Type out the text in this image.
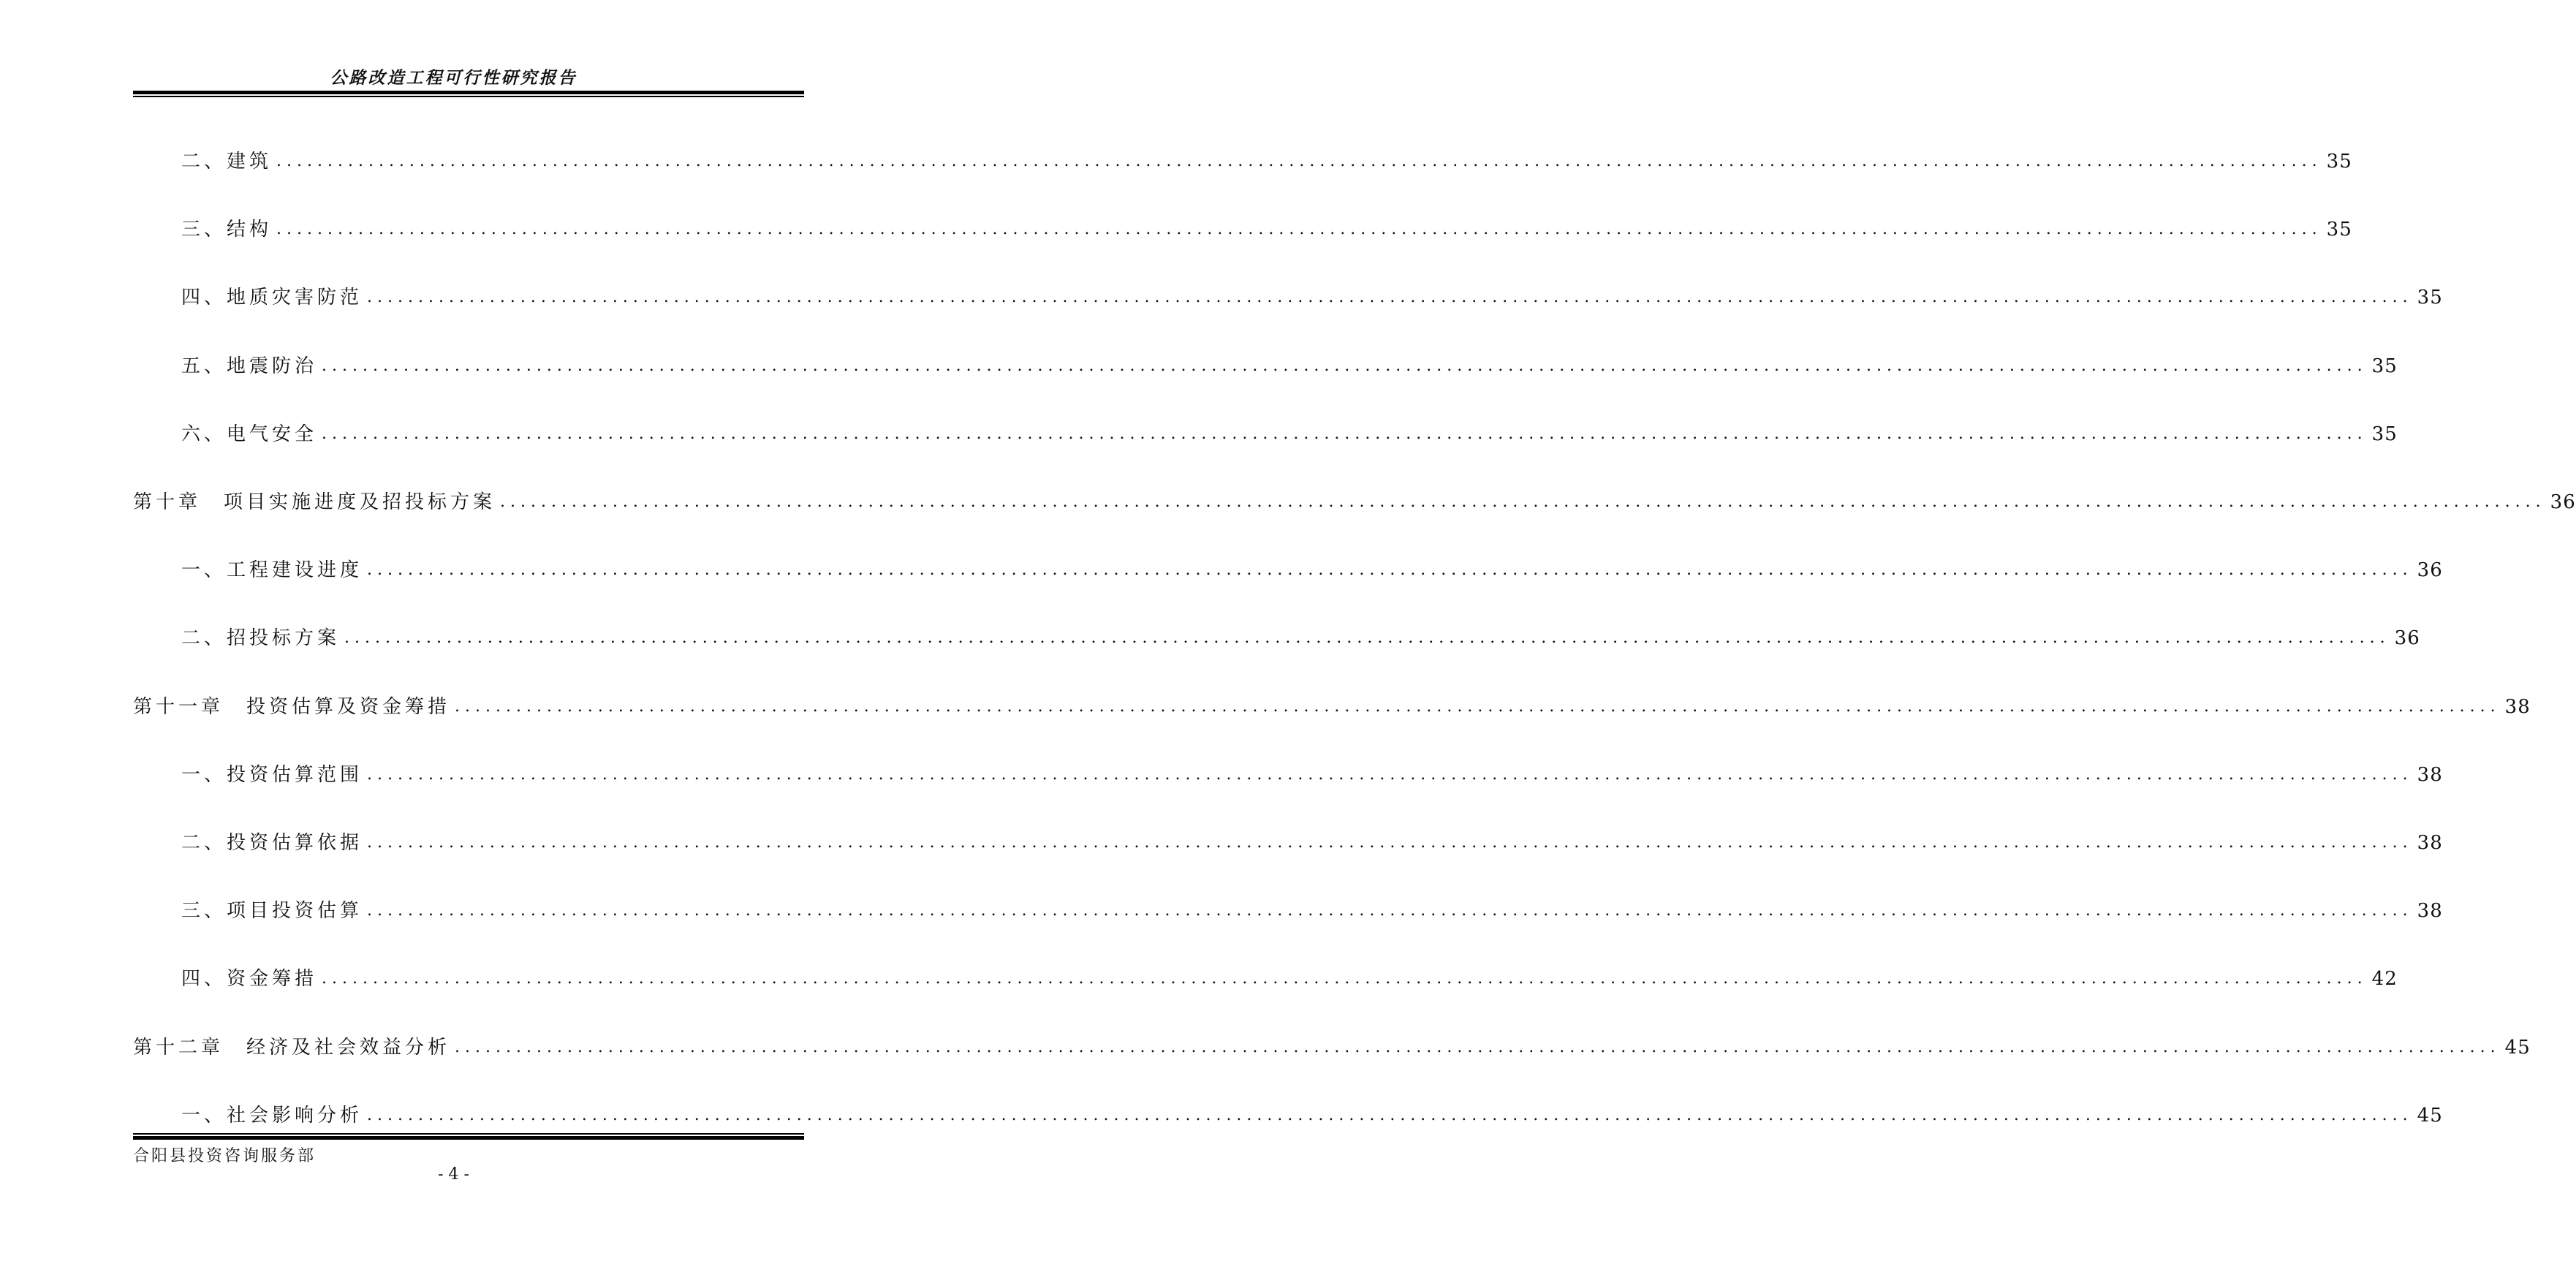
公路改造工程可行性研究报告
二、建筑 ........................................................................................................................................................................................................ 35
三、结构 ........................................................................................................................................................................................................ 35
四、地质灾害防范 ........................................................................................................................................................................................................ 35
五、地震防治 ........................................................................................................................................................................................................ 35
六、电气安全 ........................................................................................................................................................................................................ 35
第十章　项目实施进度及招投标方案 ........................................................................................................................................................................................................ 36
一、工程建设进度 ........................................................................................................................................................................................................ 36
二、招投标方案 ........................................................................................................................................................................................................ 36
第十一章　投资估算及资金筹措 ........................................................................................................................................................................................................ 38
一、投资估算范围 ........................................................................................................................................................................................................ 38
二、投资估算依据 ........................................................................................................................................................................................................ 38
三、项目投资估算 ........................................................................................................................................................................................................ 38
四、资金筹措 ........................................................................................................................................................................................................ 42
第十二章　经济及社会效益分析 ........................................................................................................................................................................................................ 45
一、社会影响分析 ........................................................................................................................................................................................................ 45
合阳县投资咨询服务部
- 4 -
